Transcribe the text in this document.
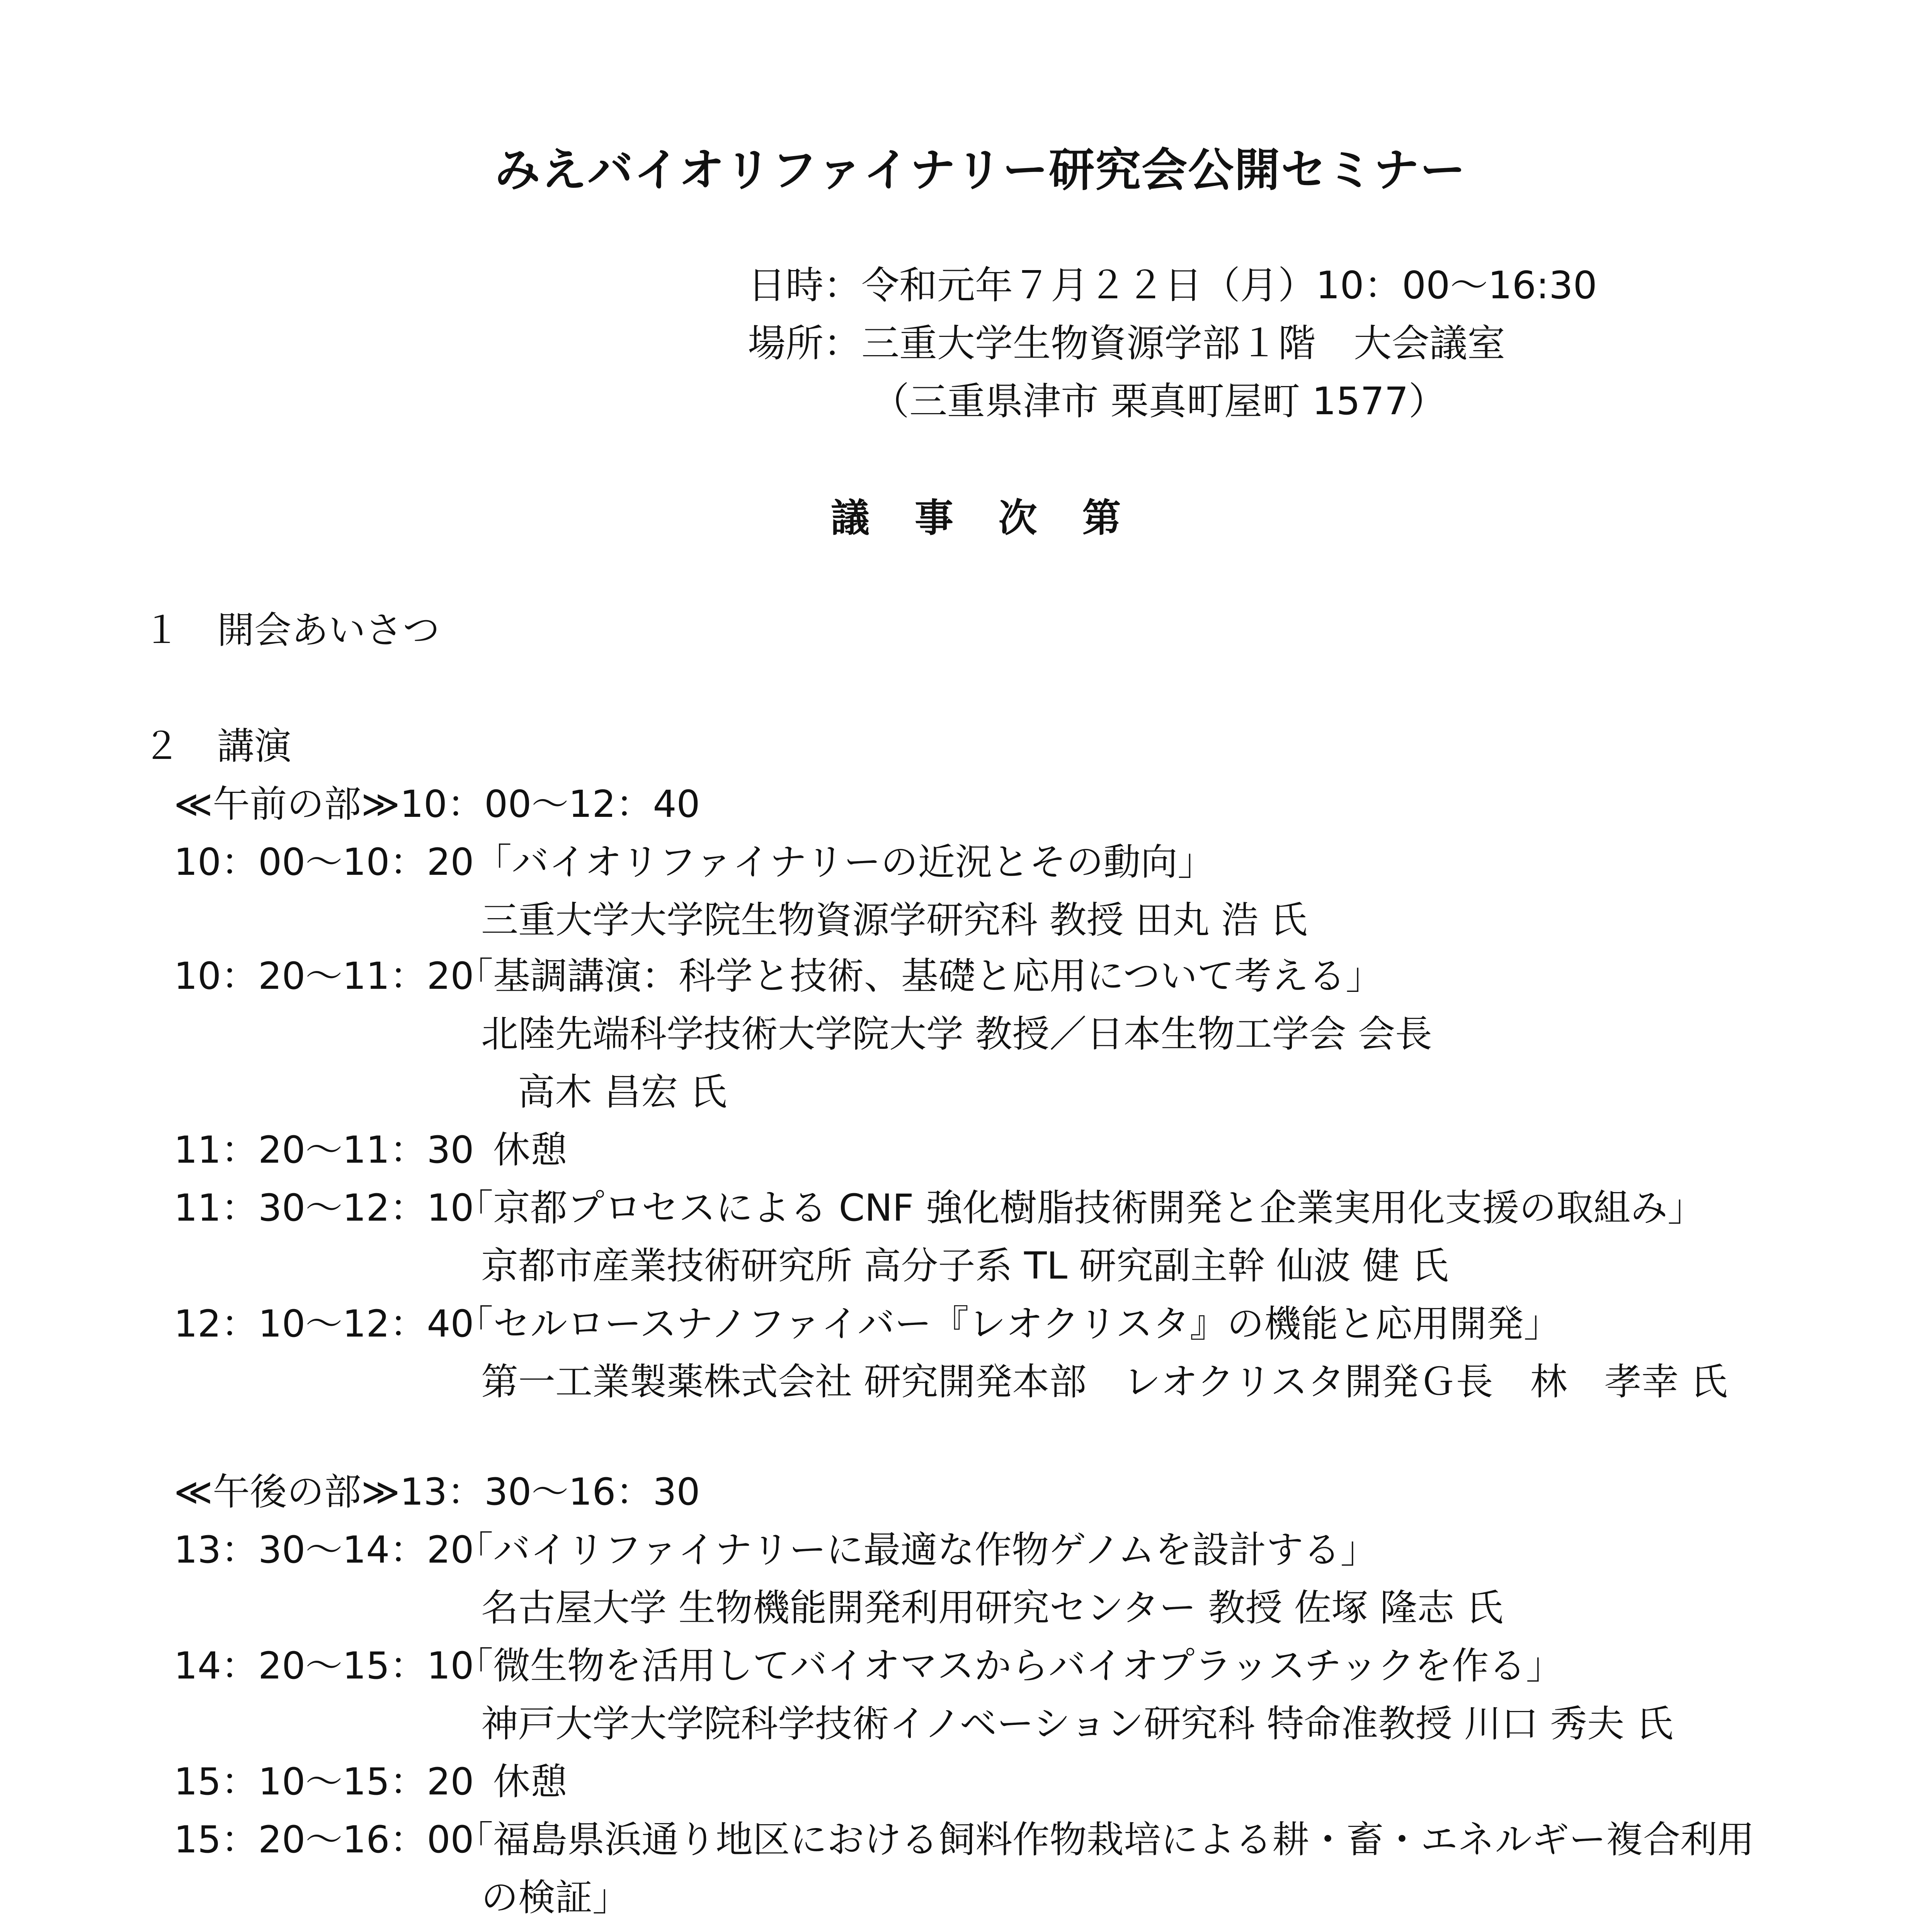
みえバイオリファイナリー研究会公開セミナー
日時：令和元年７月２２日（月）10：00～16:30
場所：三重大学生物資源学部１階　大会議室
（三重県津市 栗真町屋町 1577）
議 事 次 第
１　開会あいさつ
２　講演
≪午前の部≫10：00～12：40
10：00～10：20
　「バイオリファイナリーの近況とその動向」
三重大学大学院生物資源学研究科 教授 田丸 浩 氏
10：20～11：20
「基調講演：科学と技術、基礎と応用について考える」
北陸先端科学技術大学院大学 教授／日本生物工学会 会長
高木 昌宏 氏
11：20～11：30
　休憩
11：30～12：10
「京都プロセスによる CNF 強化樹脂技術開発と企業実用化支援の取組み」
京都市産業技術研究所 高分子系 TL 研究副主幹 仙波 健 氏
12：10～12：40
「セルロースナノファイバー『レオクリスタ』の機能と応用開発」
第一工業製薬株式会社 研究開発本部　レオクリスタ開発Ｇ長　林　孝幸 氏
≪午後の部≫13：30～16：30
13：30～14：20
「バイリファイナリーに最適な作物ゲノムを設計する」
名古屋大学 生物機能開発利用研究センター 教授 佐塚 隆志 氏
14：20～15：10
「微生物を活用してバイオマスからバイオプラッスチックを作る」
神戸大学大学院科学技術イノベーション研究科 特命准教授 川口 秀夫 氏
15：10～15：20
　休憩
15：20～16：00
「福島県浜通り地区における飼料作物栽培による耕・畜・エネルギー複合利用
の検証」
